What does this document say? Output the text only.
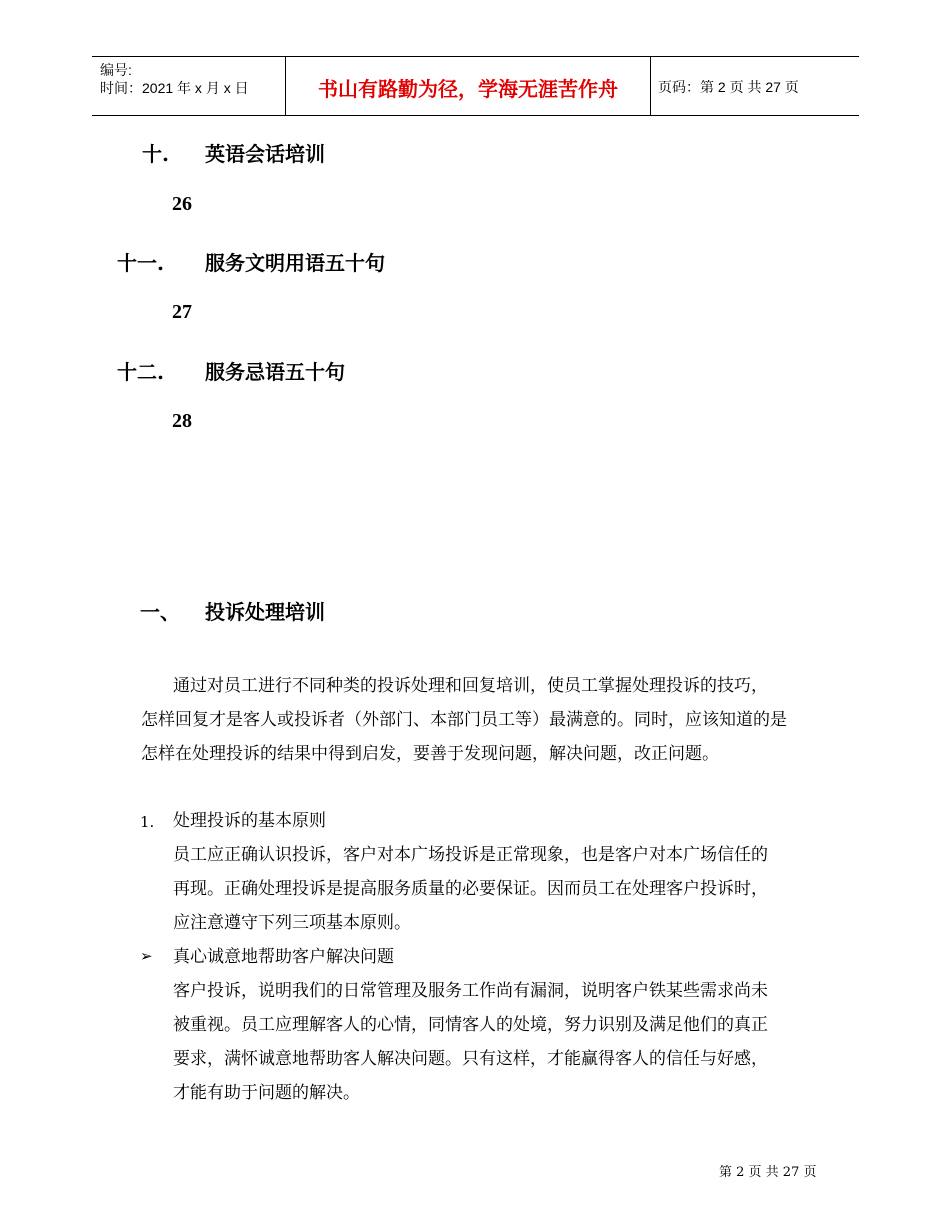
编号:
时间：2021 年 x 月 x 日	书山有路勤为径，学海无涯苦作舟	页码：第 2 页 共 27 页
十. 英语会话培训
26
十一. 服务文明用语五十句
27
十二. 服务忌语五十句
28
一、 投诉处理培训
通过对员工进行不同种类的投诉处理和回复培训，使员工掌握处理投诉的技巧，
怎样回复才是客人或投诉者（外部门、本部门员工等）最满意的。同时，应该知道的是
怎样在处理投诉的结果中得到启发，要善于发现问题，解决问题，改正问题。
1. 处理投诉的基本原则
员工应正确认识投诉，客户对本广场投诉是正常现象，也是客户对本广场信任的
再现。正确处理投诉是提高服务质量的必要保证。因而员工在处理客户投诉时，
应注意遵守下列三项基本原则。
➢ 真心诚意地帮助客户解决问题
客户投诉，说明我们的日常管理及服务工作尚有漏洞，说明客户铁某些需求尚未
被重视。员工应理解客人的心情，同情客人的处境，努力识别及满足他们的真正
要求，满怀诚意地帮助客人解决问题。只有这样，才能赢得客人的信任与好感，
才能有助于问题的解决。
第 2 页 共 27 页
